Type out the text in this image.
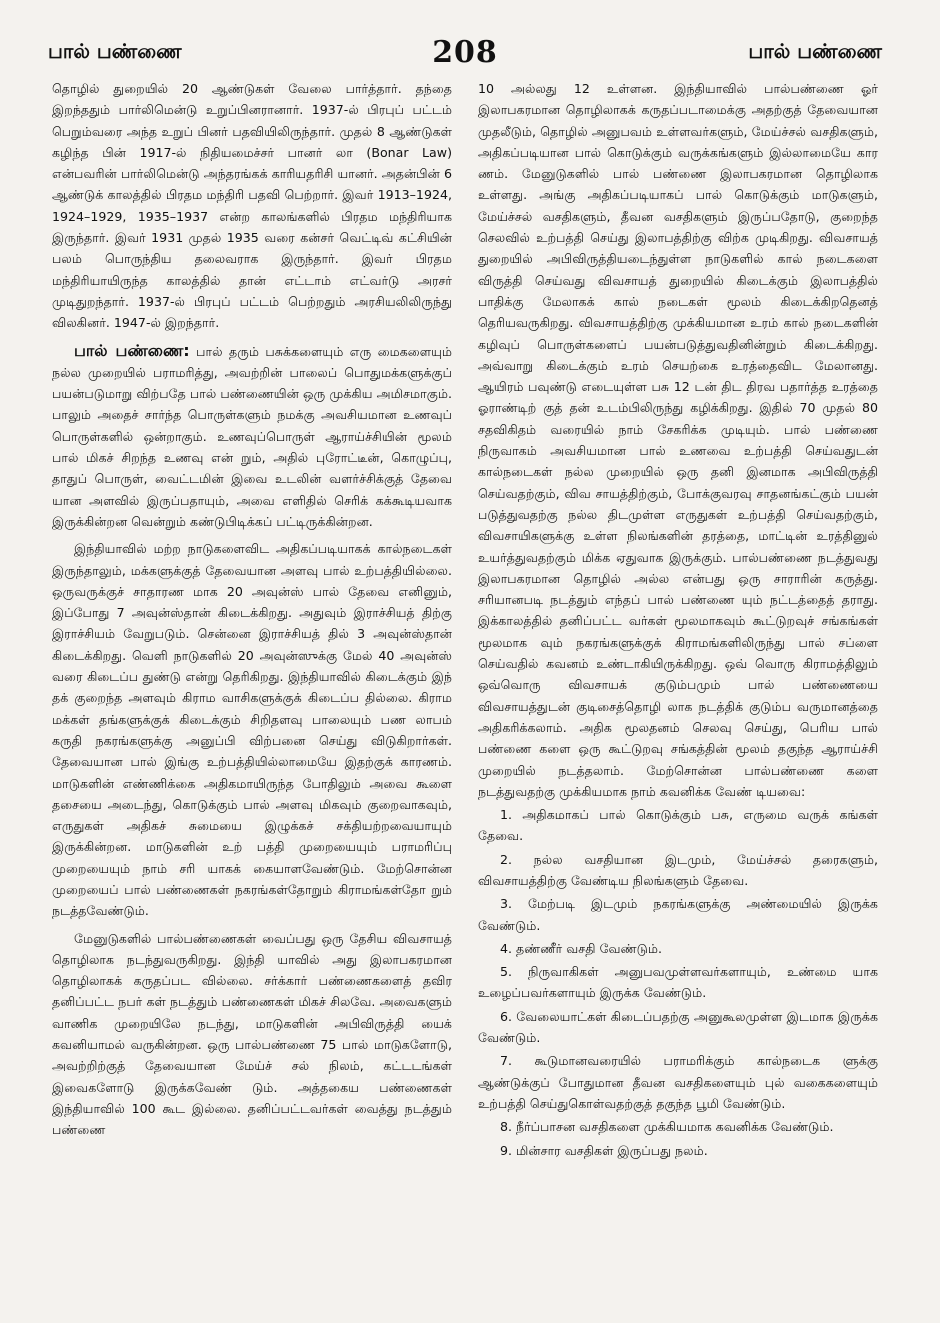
பால் பண்ணை	208	பால் பண்ணை

தொழில் துறையில் 20 ஆண்டுகள் வேலை பார்த்தார். தந்தை இறந்ததும் பார்லிமென்டு உறுப்பினரானார். 1937-ல் பிரபுப் பட்டம் பெறும்வரை அந்த உறுப் பினர் பதவியிலிருந்தார். முதல் 8 ஆண்டுகள் கழிந்த பின் 1917-ல் நிதியமைச்சர் பானர் லா (Bonar Law) என்பவரின் பார்லிமென்டு அந்தரங்கக் காரியதரிசி யானர். அதன்பின் 6 ஆண்டுக் காலத்தில் பிரதம மந்திரி பதவி பெற்றார். இவர் 1913–1924, 1924–1929, 1935–1937 என்ற காலங்களில் பிரதம மந்திரியாக இருந்தார். இவர் 1931 முதல் 1935 வரை கன்சர் வெட்டிவ் கட்சியின் பலம் பொருந்திய தலைவராக இருந்தார். இவர் பிரதம மந்திரியாயிருந்த காலத்தில் தான் எட்டாம் எட்வர்டு அரசர் முடிதுறந்தார். 1937-ல் பிரபுப் பட்டம் பெற்றதும் அரசியலிலிருந்து விலகினர். 1947-ல் இறந்தார்.

பால் பண்ணை: பால் தரும் பசுக்களையும் எரு மைகளையும் நல்ல முறையில் பராமரித்து, அவற்றின் பாலைப் பொதுமக்களுக்குப் பயன்படுமாறு விற்பதே பால் பண்ணையின் ஒரு முக்கிய அமிசமாகும். பாலும் அதைச் சார்ந்த பொருள்களும் நமக்கு அவசியமான உணவுப் பொருள்களில் ஒன்றாகும். உணவுப்பொருள் ஆராய்ச்சியின் மூலம் பால் மிகச் சிறந்த உணவு என் றும், அதில் புரோட்டீன், கொழுப்பு, தாதுப் பொருள், வைட்டமின் இவை உடலின் வளர்ச்சிக்குத் தேவை யான அளவில் இருப்பதாயும், அவை எளிதில் செரிக் கக்கூடியவாக இருக்கின்றன வென்றும் கண்டுபிடிக்கப் பட்டிருக்கின்றன.

இந்தியாவில் மற்ற நாடுகளைவிட அதிகப்படியாகக் கால்நடைகள் இருந்தாலும், மக்களுக்குத் தேவையான அளவு பால் உற்பத்தியில்லை. ஒருவருக்குச் சாதாரண மாக 20 அவுன்ஸ் பால் தேவை எனினும், இப்போது 7 அவுன்ஸ்தான் கிடைக்கிறது. அதுவும் இராச்சியத் திற்கு இராச்சியம் வேறுபடும். சென்னை இராச்சியத் தில் 3 அவுன்ஸ்தான் கிடைக்கிறது. வெளி நாடுகளில் 20 அவுன்ஸுக்கு மேல் 40 அவுன்ஸ் வரை கிடைப்ப துண்டு என்று தெரிகிறது. இந்தியாவில் கிடைக்கும் இந் தக் குறைந்த அளவும் கிராம வாசிகளுக்குக் கிடைப்ப தில்லை. கிராம மக்கள் தங்களுக்குக் கிடைக்கும் சிறிதளவு பாலையும் பண லாபம் கருதி நகரங்களுக்கு அனுப்பி விற்பனை செய்து விடுகிறார்கள். தேவையான பால் இங்கு உற்பத்தியில்லாமையே இதற்குக் காரணம். மாடுகளின் எண்ணிக்கை அதிகமாயிருந்த போதிலும் அவை கூளை தசையை அடைந்து, கொடுக்கும் பால் அளவு மிகவும் குறைவாகவும், எருதுகள் அதிகச் சுமையை இழுக்கச் சக்தியற்றவையாயும் இருக்கின்றன. மாடுகளின் உற் பத்தி முறையையும் பராமரிப்பு முறையையும் நாம் சரி யாகக் கையாளவேண்டும். மேற்சொன்ன முறையைப் பால் பண்ணைகள் நகரங்கள்தோறும் கிராமங்கள்தோ றும் நடத்தவேண்டும்.

மேனுடுகளில் பால்பண்ணைகள் வைப்பது ஒரு தேசிய விவசாயத் தொழிலாக நடந்துவருகிறது. இந்தி யாவில் அது இலாபகரமான தொழிலாகக் கருதப்பட வில்லை. சர்க்கார் பண்ணைகளைத் தவிர தனிப்பட்ட நபர் கள் நடத்தும் பண்ணைகள் மிகச் சிலவே. அவைகளும் வாணிக முறையிலே நடந்து, மாடுகளின் அபிவிருத்தி யைக் கவனியாமல் வருகின்றன. ஒரு பால்பண்ணை 75 பால் மாடுகளோடு, அவற்றிற்குத் தேவையான மேய்ச் சல் நிலம், கட்டடங்கள் இவைகளோடு இருக்கவேண் டும். அத்தகைய பண்ணைகள் இந்தியாவில் 100 கூட இல்லை. தனிப்பட்டவர்கள் வைத்து நடத்தும் பண்ணை

10 அல்லது 12 உள்ளன. இந்தியாவில் பால்பண்ணை ஓர் இலாபகரமான தொழிலாகக் கருதப்படாமைக்கு அதற்குத் தேவையான முதலீடும், தொழில் அனுபவம் உள்ளவர்களும், மேய்ச்சல் வசதிகளும், அதிகப்படியான பால் கொடுக்கும் வருக்கங்களும் இல்லாமையே கார ணம். மேனுடுகளில் பால் பண்ணை இலாபகரமான தொழிலாக உள்ளது. அங்கு அதிகப்படியாகப் பால் கொடுக்கும் மாடுகளும், மேய்ச்சல் வசதிகளும், தீவன வசதிகளும் இருப்பதோடு, குறைந்த செலவில் உற்பத்தி செய்து இலாபத்திற்கு விற்க முடிகிறது. விவசாயத் துறையில் அபிவிருத்தியடைந்துள்ள நாடுகளில் கால் நடைகளை விருத்தி செய்வது விவசாயத் துறையில் கிடைக்கும் இலாபத்தில் பாதிக்கு மேலாகக் கால் நடைகள் மூலம் கிடைக்கிறதெனத் தெரியவருகிறது. விவசாயத்திற்கு முக்கியமான உரம் கால் நடைகளின் கழிவுப் பொருள்களைப் பயன்படுத்துவதினின்றும் கிடைக்கிறது. அவ்வாறு கிடைக்கும் உரம் செயற்கை உரத்தைவிட மேலானது. ஆயிரம் பவுண்டு எடையுள்ள பசு 12 டன் திட திரவ பதார்த்த உரத்தை ஓராண்டிற் குத் தன் உடம்பிலிருந்து கழிக்கிறது. இதில் 70 முதல் 80 சதவிகிதம் வரையில் நாம் சேகரிக்க முடியும். பால் பண்ணை நிருவாகம் அவசியமான பால் உணவை உற்பத்தி செய்வதுடன் கால்நடைகள் நல்ல முறையில் ஒரு தனி இனமாக அபிவிருத்தி செய்வதற்கும், விவ சாயத்திற்கும், போக்குவரவு சாதனங்கட்கும் பயன் படுத்துவதற்கு நல்ல திடமுள்ள எருதுகள் உற்பத்தி செய்வதற்கும், விவசாயிகளுக்கு உள்ள நிலங்களின் தரத்தை, மாட்டின் உரத்தினுல் உயர்த்துவதற்கும் மிக்க ஏதுவாக இருக்கும். பால்பண்ணை நடத்துவது இலாபகரமான தொழில் அல்ல என்பது ஒரு சாராரின் கருத்து. சரியானபடி நடத்தும் எந்தப் பால் பண்ணை யும் நட்டத்தைத் தராது. இக்காலத்தில் தனிப்பட்ட வர்கள் மூலமாகவும் கூட்டுறவுச் சங்கங்கள் மூலமாக வும் நகரங்களுக்குக் கிராமங்களிலிருந்து பால் சப்ளை செய்வதில் கவனம் உண்டாகியிருக்கிறது. ஒவ் வொரு கிராமத்திலும் ஒவ்வொரு விவசாயக் குடும்பமும் பால் பண்ணையை விவசாயத்துடன் குடிசைத்தொழி லாக நடத்திக் குடும்ப வருமானத்தை அதிகரிக்கலாம். அதிக மூலதனம் செலவு செய்து, பெரிய பால் பண்ணை களை ஒரு கூட்டுறவு சங்கத்தின் மூலம் தகுந்த ஆராய்ச்சி முறையில் நடத்தலாம். மேற்சொன்ன பால்பண்ணை களை நடத்துவதற்கு முக்கியமாக நாம் கவனிக்க வேண் டியவை:

1. அதிகமாகப் பால் கொடுக்கும் பசு, எருமை வருக் கங்கள் தேவை.

2. நல்ல வசதியான இடமும், மேய்ச்சல் தரைகளும், விவசாயத்திற்கு வேண்டிய நிலங்களும் தேவை.

3. மேற்படி இடமும் நகரங்களுக்கு அண்மையில் இருக்க வேண்டும்.

4. தண்ணீர் வசதி வேண்டும்.

5. நிருவாகிகள் அனுபவமுள்ளவர்களாயும், உண்மை யாக உழைப்பவர்களாயும் இருக்க வேண்டும்.

6. வேலையாட்கள் கிடைப்பதற்கு அனுகூலமுள்ள இடமாக இருக்க வேண்டும்.

7. கூடுமானவரையில் பராமரிக்கும் கால்நடைக ளுக்கு ஆண்டுக்குப் போதுமான தீவன வசதிகளையும் புல் வகைகளையும் உற்பத்தி செய்துகொள்வதற்குத் தகுந்த பூமி வேண்டும்.

8. நீர்ப்பாசன வசதிகளை முக்கியமாக கவனிக்க வேண்டும்.

9. மின்சார வசதிகள் இருப்பது நலம்.
